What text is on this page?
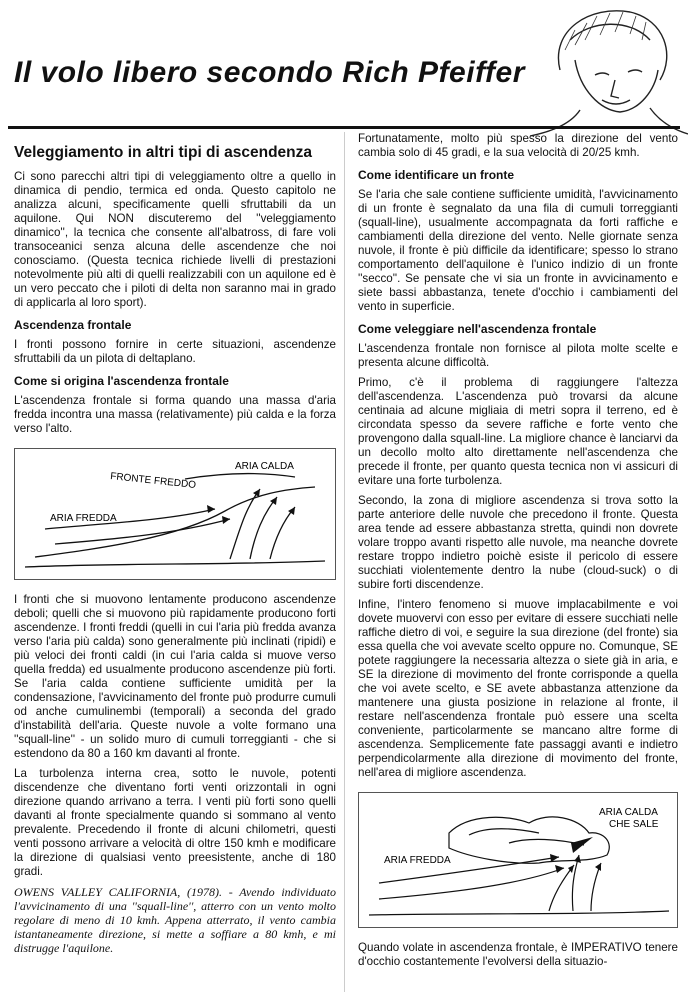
Il volo libero secondo Rich Pfeiffer
Veleggiamento in altri tipi di ascendenza

Ci sono parecchi altri tipi di veleggiamento oltre a quello in dinamica di pendio, termica ed onda. Questo capitolo ne analizza alcuni, specificamente quelli sfruttabili da un aquilone. Qui NON discuteremo del ''veleggiamento dinamico'', la tecnica che consente all'albatross, di fare voli transoceanici senza alcuna delle ascendenze che noi conosciamo. (Questa tecnica richiede livelli di prestazioni notevolmente più alti di quelli realizzabili con un aquilone ed è un vero peccato che i piloti di delta non saranno mai in grado di applicarla al loro sport).

Ascendenza frontale

I fronti possono fornire in certe situazioni, ascendenze sfruttabili da un pilota di deltaplano.

Come si origina l'ascendenza frontale

L'ascendenza frontale si forma quando una massa d'aria fredda incontra una massa (relativamente) più calda e la forza verso l'alto.

FRONTE FREDDO
ARIA CALDA
ARIA FREDDA

I fronti che si muovono lentamente producono ascendenze deboli; quelli che si muovono più rapidamente producono forti ascendenze. I fronti freddi (quelli in cui l'aria più fredda avanza verso l'aria più calda) sono generalmente più inclinati (ripidi) e più veloci dei fronti caldi (in cui l'aria calda si muove verso quella fredda) ed usualmente producono ascendenze più forti. Se l'aria calda contiene sufficiente umidità per la condensazione, l'avvicinamento del fronte può produrre cumuli od anche cumulinembi (temporali) a seconda del grado d'instabilità dell'aria. Queste nuvole a volte formano una ''squall-line'' - un solido muro di cumuli torreggianti - che si estendono da 80 a 160 km davanti al fronte.

La turbolenza interna crea, sotto le nuvole, potenti discendenze che diventano forti venti orizzontali in ogni direzione quando arrivano a terra. I venti più forti sono quelli davanti al fronte specialmente quando si sommano al vento prevalente. Precedendo il fronte di alcuni chilometri, questi venti possono arrivare a velocità di oltre 150 kmh e modificare la direzione di qualsiasi vento preesistente, anche di 180 gradi.

OWENS VALLEY CALIFORNIA, (1978). - Avendo individuato l'avvicinamento di una ''squall-line'', atterro con un vento molto regolare di meno di 10 kmh. Appena atterrato, il vento cambia istantaneamente direzione, si mette a soffiare a 80 kmh, e mi distrugge l'aquilone.

Fortunatamente, molto più spesso la direzione del vento cambia solo di 45 gradi, e la sua velocità di 20/25 kmh.

Come identificare un fronte

Se l'aria che sale contiene sufficiente umidità, l'avvicinamento di un fronte è segnalato da una fila di cumuli torreggianti (squall-line), usualmente accompagnata da forti raffiche e cambiamenti della direzione del vento. Nelle giornate senza nuvole, il fronte è più difficile da identificare; spesso lo strano comportamento dell'aquilone è l'unico indizio di un fronte ''secco''. Se pensate che vi sia un fronte in avvicinamento e siete bassi abbastanza, tenete d'occhio i cambiamenti del vento in superficie.

Come veleggiare nell'ascendenza frontale

L'ascendenza frontale non fornisce al pilota molte scelte e presenta alcune difficoltà.

Primo, c'è il problema di raggiungere l'altezza dell'ascendenza. L'ascendenza può trovarsi da alcune centinaia ad alcune migliaia di metri sopra il terreno, ed è circondata spesso da severe raffiche e forte vento che provengono dalla squall-line. La migliore chance è lanciarvi da un decollo molto alto direttamente nell'ascendenza che precede il fronte, per quanto questa tecnica non vi assicuri di evitare una forte turbolenza.

Secondo, la zona di migliore ascendenza si trova sotto la parte anteriore delle nuvole che precedono il fronte. Questa area tende ad essere abbastanza stretta, quindi non dovrete volare troppo avanti rispetto alle nuvole, ma neanche dovrete restare troppo indietro poichè esiste il pericolo di essere succhiati violentemente dentro la nube (cloud-suck) o di subire forti discendenze.

Infine, l'intero fenomeno si muove implacabilmente e voi dovete muovervi con esso per evitare di essere succhiati nelle raffiche dietro di voi, e seguire la sua direzione (del fronte) sia essa quella che voi avevate scelto oppure no. Comunque, SE potete raggiungere la necessaria altezza o siete già in aria, e SE la direzione di movimento del fronte corrisponde a quella che voi avete scelto, e SE avete abbastanza attenzione da mantenere una giusta posizione in relazione al fronte, il restare nell'ascendenza frontale può essere una scelta conveniente, particolarmente se mancano altre forme di ascendenza. Semplicemente fate passaggi avanti e indietro perpendicolarmente alla direzione di movimento del fronte, nell'area di migliore ascendenza.

ARIA CALDA
CHE SALE
ARIA FREDDA

Quando volate in ascendenza frontale, è IMPERATIVO tenere d'occhio costantemente l'evolversi della situazio-
